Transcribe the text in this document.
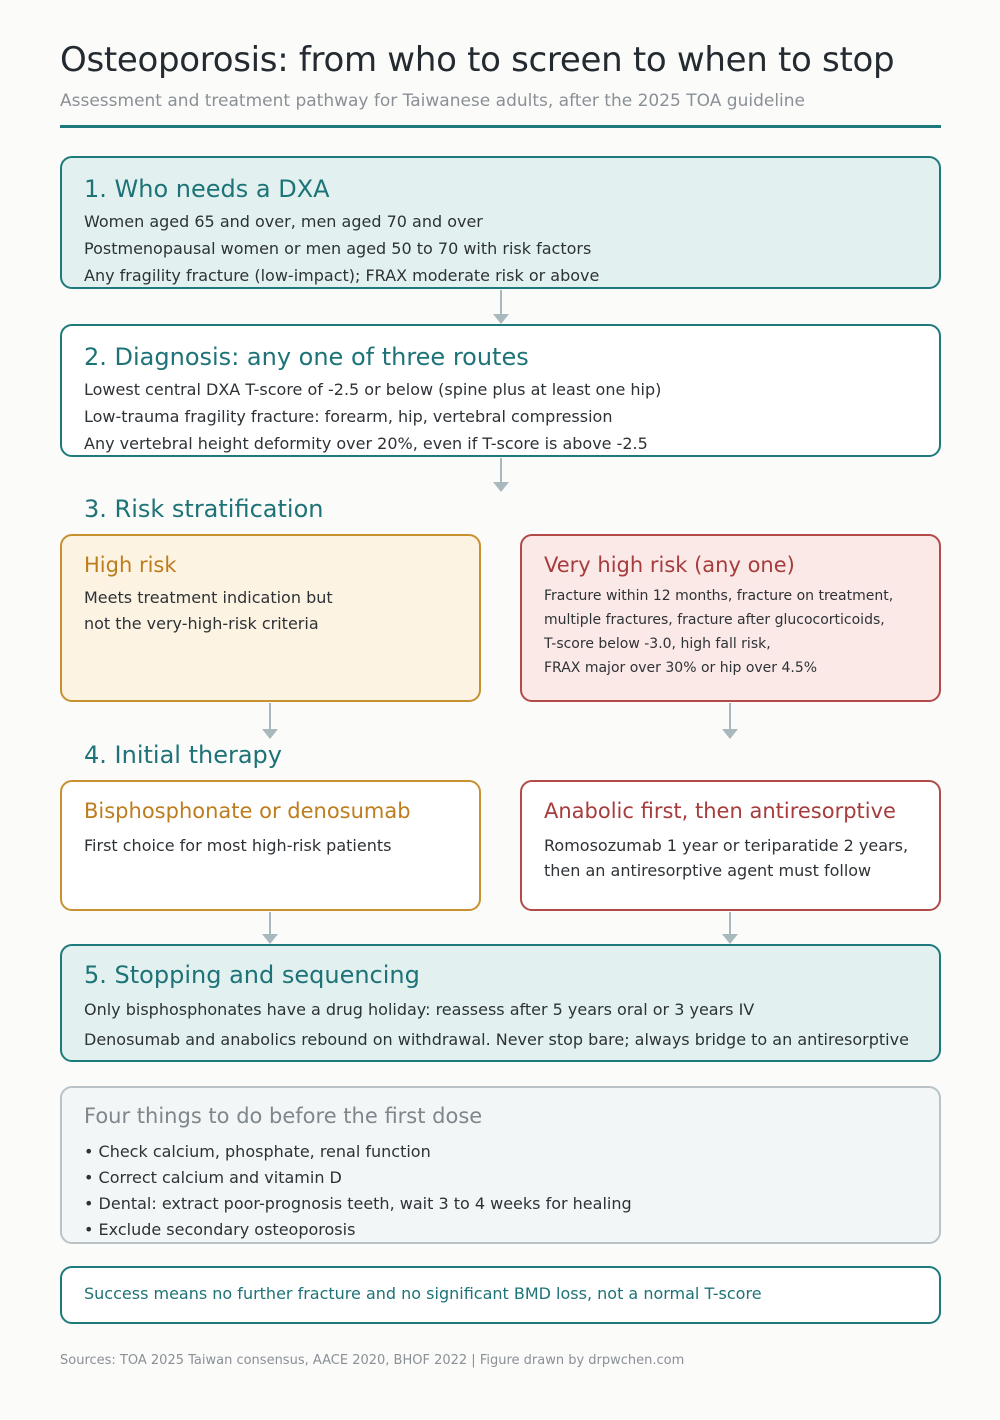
Osteoporosis: from who to screen to when to stop
Assessment and treatment pathway for Taiwanese adults, after the 2025 TOA guideline
1. Who needs a DXA
Women aged 65 and over, men aged 70 and over
Postmenopausal women or men aged 50 to 70 with risk factors
Any fragility fracture (low-impact); FRAX moderate risk or above
2. Diagnosis: any one of three routes
Lowest central DXA T-score of -2.5 or below (spine plus at least one hip)
Low-trauma fragility fracture: forearm, hip, vertebral compression
Any vertebral height deformity over 20%, even if T-score is above -2.5
3. Risk stratification
High risk
Meets treatment indication but
not the very-high-risk criteria
Very high risk (any one)
Fracture within 12 months, fracture on treatment,
multiple fractures, fracture after glucocorticoids,
T-score below -3.0, high fall risk,
FRAX major over 30% or hip over 4.5%
4. Initial therapy
Bisphosphonate or denosumab
First choice for most high-risk patients
Anabolic first, then antiresorptive
Romosozumab 1 year or teriparatide 2 years,
then an antiresorptive agent must follow
5. Stopping and sequencing
Only bisphosphonates have a drug holiday: reassess after 5 years oral or 3 years IV
Denosumab and anabolics rebound on withdrawal. Never stop bare; always bridge to an antiresorptive
Four things to do before the first dose
• Check calcium, phosphate, renal function
• Correct calcium and vitamin D
• Dental: extract poor-prognosis teeth, wait 3 to 4 weeks for healing
• Exclude secondary osteoporosis
Success means no further fracture and no significant BMD loss, not a normal T-score
Sources: TOA 2025 Taiwan consensus, AACE 2020, BHOF 2022 | Figure drawn by drpwchen.com
